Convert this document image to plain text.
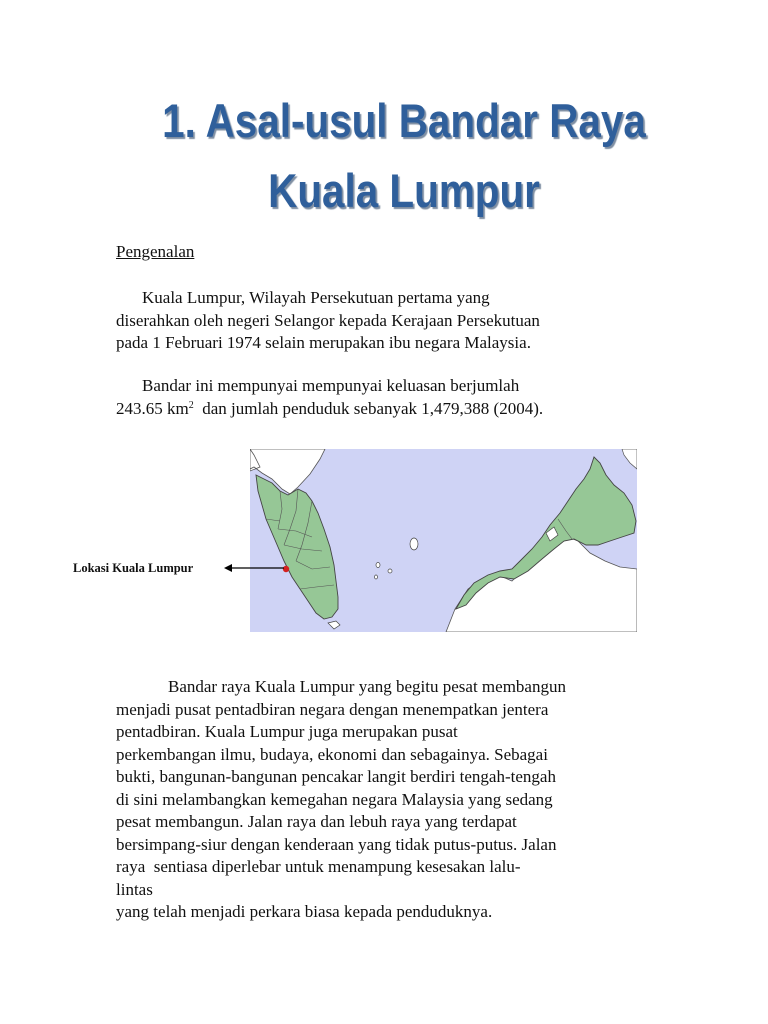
1. Asal-usul Bandar Raya
Kuala Lumpur

Pengenalan

Kuala Lumpur, Wilayah Persekutuan pertama yang
diserahkan oleh negeri Selangor kepada Kerajaan Persekutuan
pada 1 Februari 1974 selain merupakan ibu negara Malaysia.

Bandar ini mempunyai mempunyai keluasan berjumlah
243.65 $km^2$  dan jumlah penduduk sebanyak 1,479,388 (2004).

Lokasi Kuala Lumpur

Bandar raya Kuala Lumpur yang begitu pesat membangun
menjadi pusat pentadbiran negara dengan menempatkan jentera
pentadbiran. Kuala Lumpur juga merupakan pusat
perkembangan ilmu, budaya, ekonomi dan sebagainya. Sebagai
bukti, bangunan-bangunan pencakar langit berdiri tengah-tengah
di sini melambangkan kemegahan negara Malaysia yang sedang
pesat membangun. Jalan raya dan lebuh raya yang terdapat
bersimpang-siur dengan kenderaan yang tidak putus-putus. Jalan
raya  sentiasa diperlebar untuk menampung kesesakan lalu-
lintas
yang telah menjadi perkara biasa kepada penduduknya.
